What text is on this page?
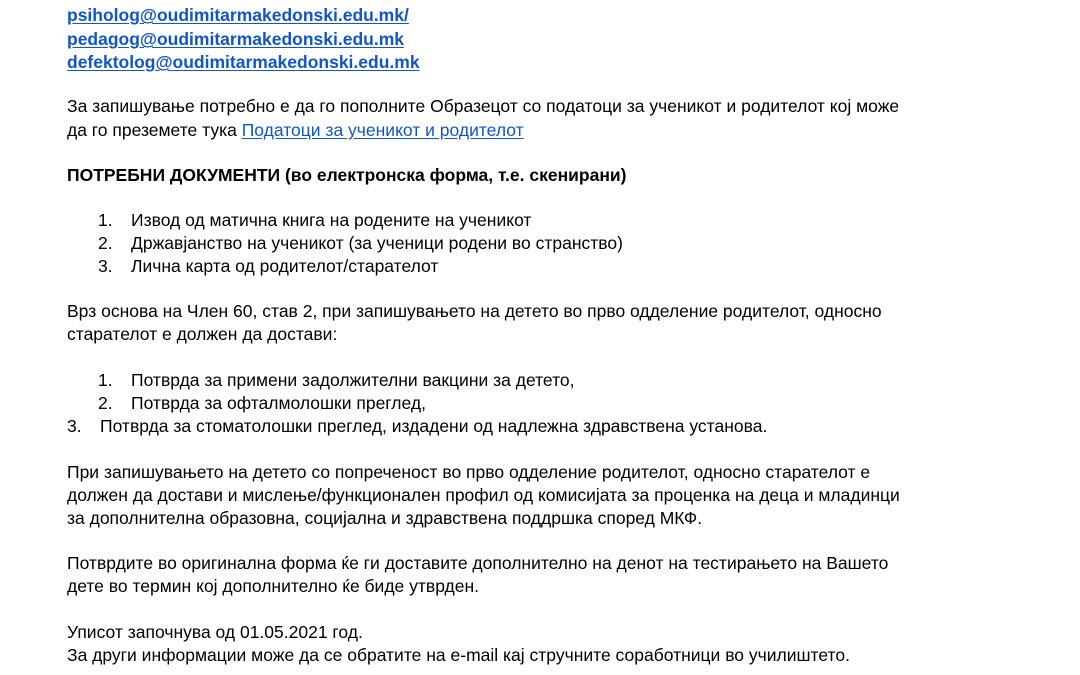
psiholog@oudimitarmakedonski.edu.mk/
pedagog@oudimitarmakedonski.edu.mk
defektolog@oudimitarmakedonski.edu.mk
За запишување потребно е да го пополните Образецот со податоци за ученикот и родителот кој може
да го преземете тука Податоци за ученикот и родителот
ПОТРЕБНИ ДОКУМЕНТИ (во електронска форма, т.е. скенирани)
1. Извод од матична книга на родените на ученикот
2. Државјанство на ученикот (за ученици родени во странство)
3. Лична карта од родителот/старателот
Врз основа на Член 60, став 2, при запишувањето на детето во прво одделение родителот, односно
старателот е должен да достави:
1. Потврда за примени задолжителни вакцини за детето,
2. Потврда за офталмолошки преглед,
3. Потврда за стоматолошки преглед, издадени од надлежна здравствена установа.
При запишувањето на детето со попреченост во прво одделение родителот, односно старателот е
должен да достави и мислење/функционален профил од комисијата за проценка на деца и младинци
за дополнителна образовна, социјална и здравствена поддршка според МКФ.
Потврдите во оригинална форма ќе ги доставите дополнително на денот на тестирањето на Вашето
дете во термин кој дополнително ќе биде утврден.
Уписот започнува од 01.05.2021 год.
За други информации може да се обратите на e-mail кај стручните соработници во училиштето.
